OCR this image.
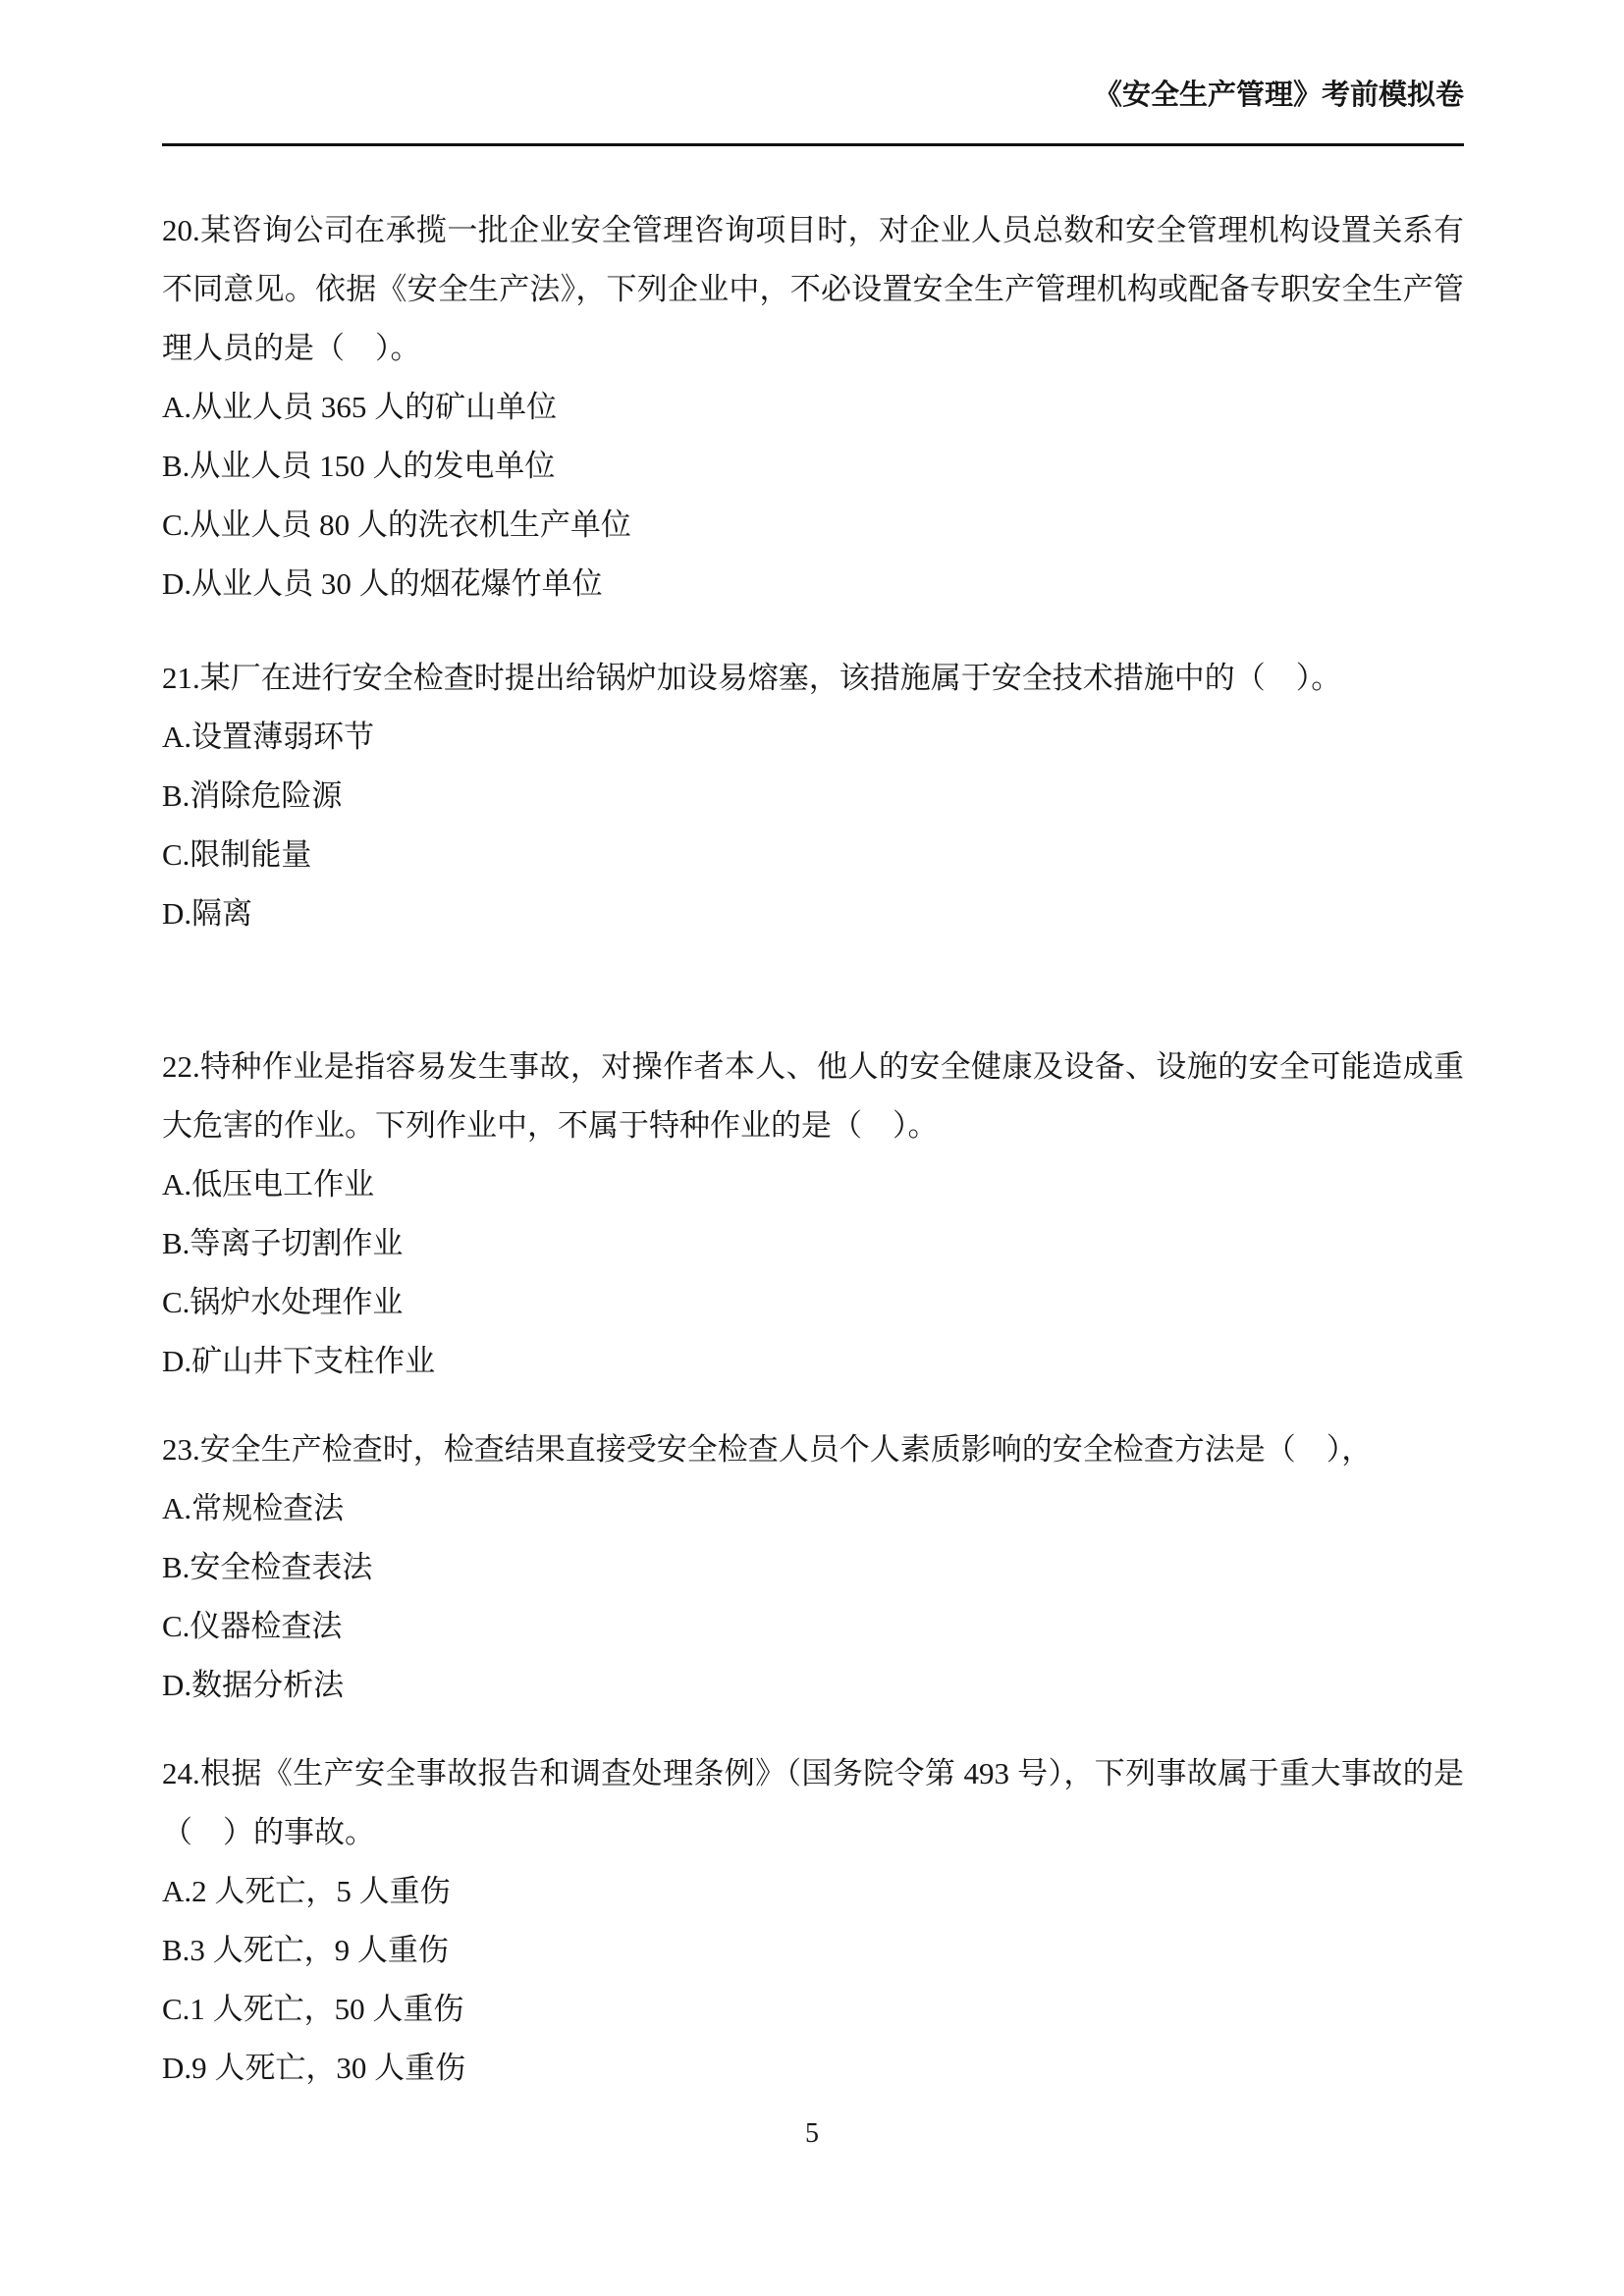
《安全生产管理》考前模拟卷

20.某咨询公司在承揽一批企业安全管理咨询项目时，对企业人员总数和安全管理机构设置关系有不同意见。依据《安全生产法》，下列企业中，不必设置安全生产管理机构或配备专职安全生产管理人员的是（　）。

A.从业人员 365 人的矿山单位

B.从业人员 150 人的发电单位

C.从业人员 80 人的洗衣机生产单位

D.从业人员 30 人的烟花爆竹单位

21.某厂在进行安全检查时提出给锅炉加设易熔塞，该措施属于安全技术措施中的（　）。

A.设置薄弱环节

B.消除危险源

C.限制能量

D.隔离

22.特种作业是指容易发生事故，对操作者本人、他人的安全健康及设备、设施的安全可能造成重大危害的作业。下列作业中，不属于特种作业的是（　）。

A.低压电工作业

B.等离子切割作业

C.锅炉水处理作业

D.矿山井下支柱作业

23.安全生产检查时，检查结果直接受安全检查人员个人素质影响的安全检查方法是（　），

A.常规检查法

B.安全检查表法

C.仪器检查法

D.数据分析法

24.根据《生产安全事故报告和调查处理条例》（国务院令第 493 号），下列事故属于重大事故的是（　）的事故。

A.2 人死亡，5 人重伤

B.3 人死亡，9 人重伤

C.1 人死亡，50 人重伤

D.9 人死亡，30 人重伤

5
